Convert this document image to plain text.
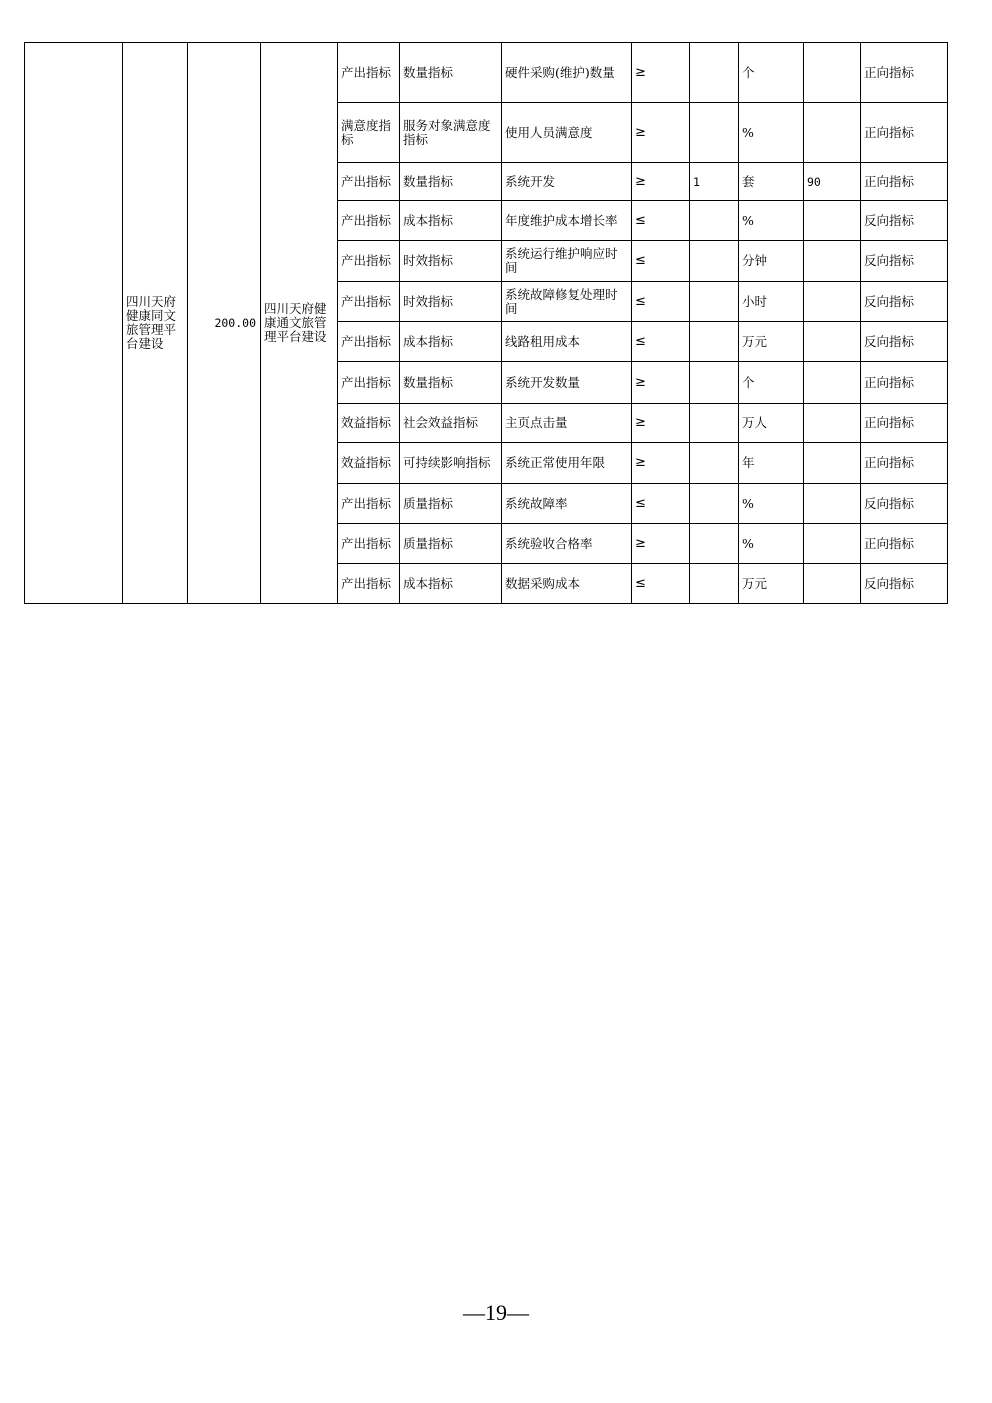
	四川天府健康同文旅管理平台建设	200.00	四川天府健康通文旅管理平台建设	产出指标	数量指标	硬件采购(维护)数量	≥		个		正向指标
				满意度指标	服务对象满意度指标	使用人员满意度	≥		%		正向指标
				产出指标	数量指标	系统开发	≥	1	套	90	正向指标
				产出指标	成本指标	年度维护成本增长率	≤		%		反向指标
				产出指标	时效指标	系统运行维护响应时间	≤		分钟		反向指标
				产出指标	时效指标	系统故障修复处理时间	≤		小时		反向指标
				产出指标	成本指标	线路租用成本	≤		万元		反向指标
				产出指标	数量指标	系统开发数量	≥		个		正向指标
				效益指标	社会效益指标	主页点击量	≥		万人		正向指标
				效益指标	可持续影响指标	系统正常使用年限	≥		年		正向指标
				产出指标	质量指标	系统故障率	≤		%		反向指标
				产出指标	质量指标	系统验收合格率	≥		%		正向指标
				产出指标	成本指标	数据采购成本	≤		万元		反向指标
—19—
